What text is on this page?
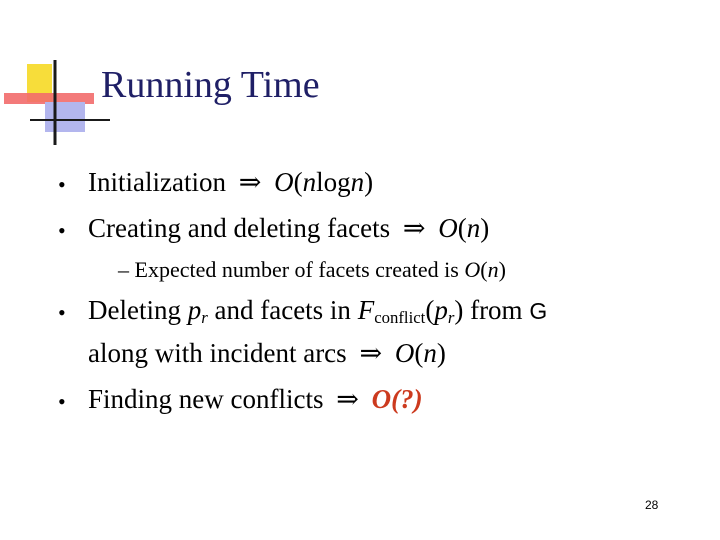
Running Time
• Initialization ⇒ O(nlogn)
• Creating and deleting facets ⇒ O(n)
– Expected number of facets created is O(n)
• Deleting pr and facets in Fconflict(pr) from G
along with incident arcs ⇒ O(n)
• Finding new conflicts ⇒ O(?)
28
